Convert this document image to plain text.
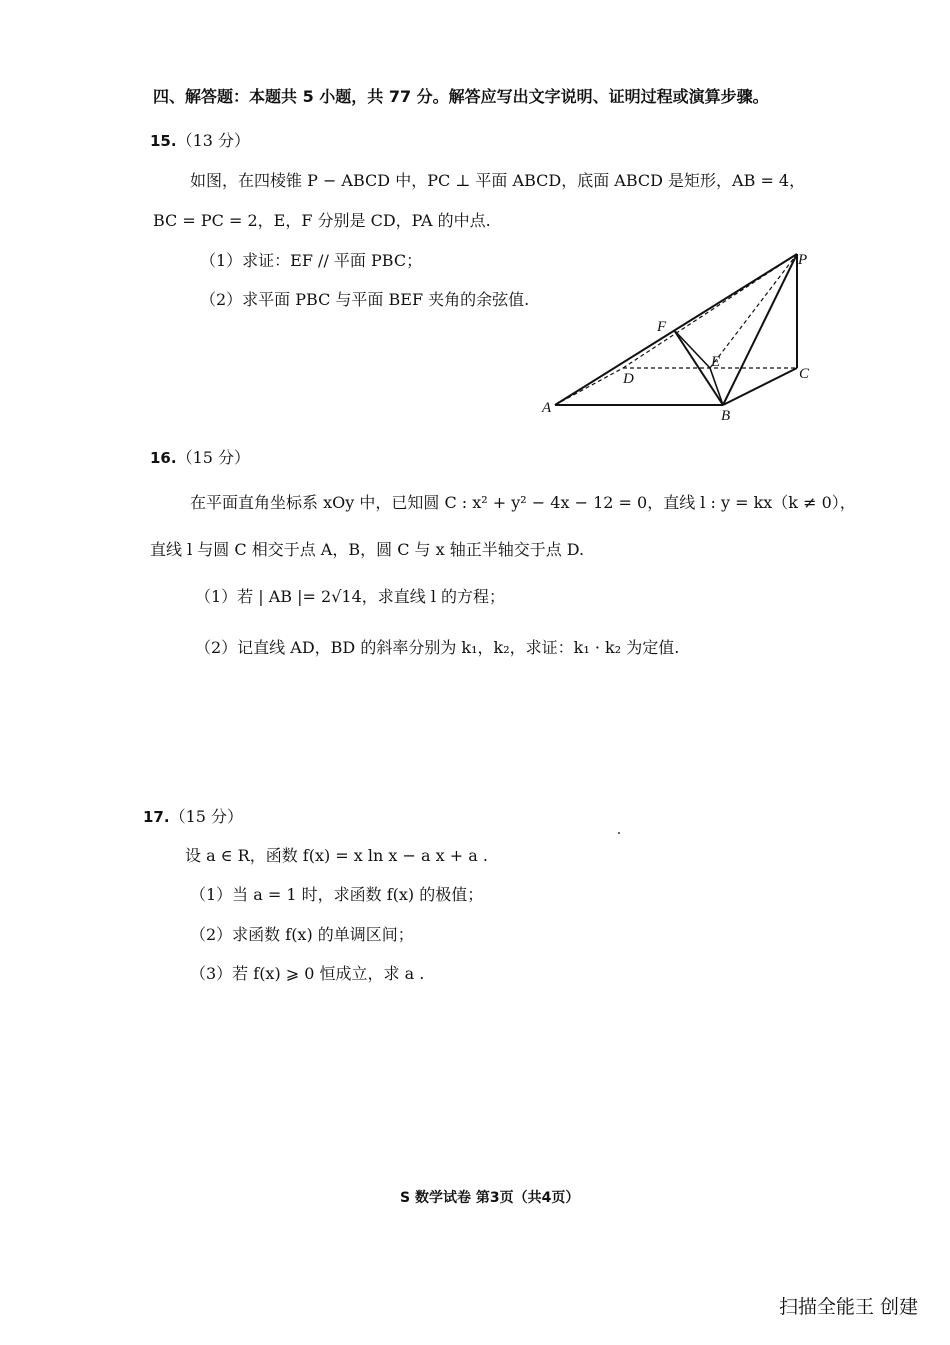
四、解答题：本题共 5 小题，共 77 分。解答应写出文字说明、证明过程或演算步骤。
15.（13 分）
如图，在四棱锥 P − ABCD 中，PC ⊥ 平面 ABCD，底面 ABCD 是矩形，AB = 4，
BC = PC = 2，E，F 分别是 CD，PA 的中点.
（1）求证：EF // 平面 PBC；
（2）求平面 PBC 与平面 BEF 夹角的余弦值.
P
F
E
D	C
A	B
16.（15 分）
在平面直角坐标系 xOy 中，已知圆 C : x² + y² − 4x − 12 = 0，直线 l : y = kx（k ≠ 0），
直线 l 与圆 C 相交于点 A，B，圆 C 与 x 轴正半轴交于点 D.
（1）若 | AB |= 2√14，求直线 l 的方程；
（2）记直线 AD，BD 的斜率分别为 k₁，k₂，求证：k₁ · k₂ 为定值.
17.（15 分）
设 a ∈ R，函数 f(x) = x ln x − a x + a .
（1）当 a = 1 时，求函数 f(x) 的极值；
（2）求函数 f(x) 的单调区间；
（3）若 f(x) ⩾ 0 恒成立，求 a .
S 数学试卷 第3页（共4页）
扫描全能王 创建
